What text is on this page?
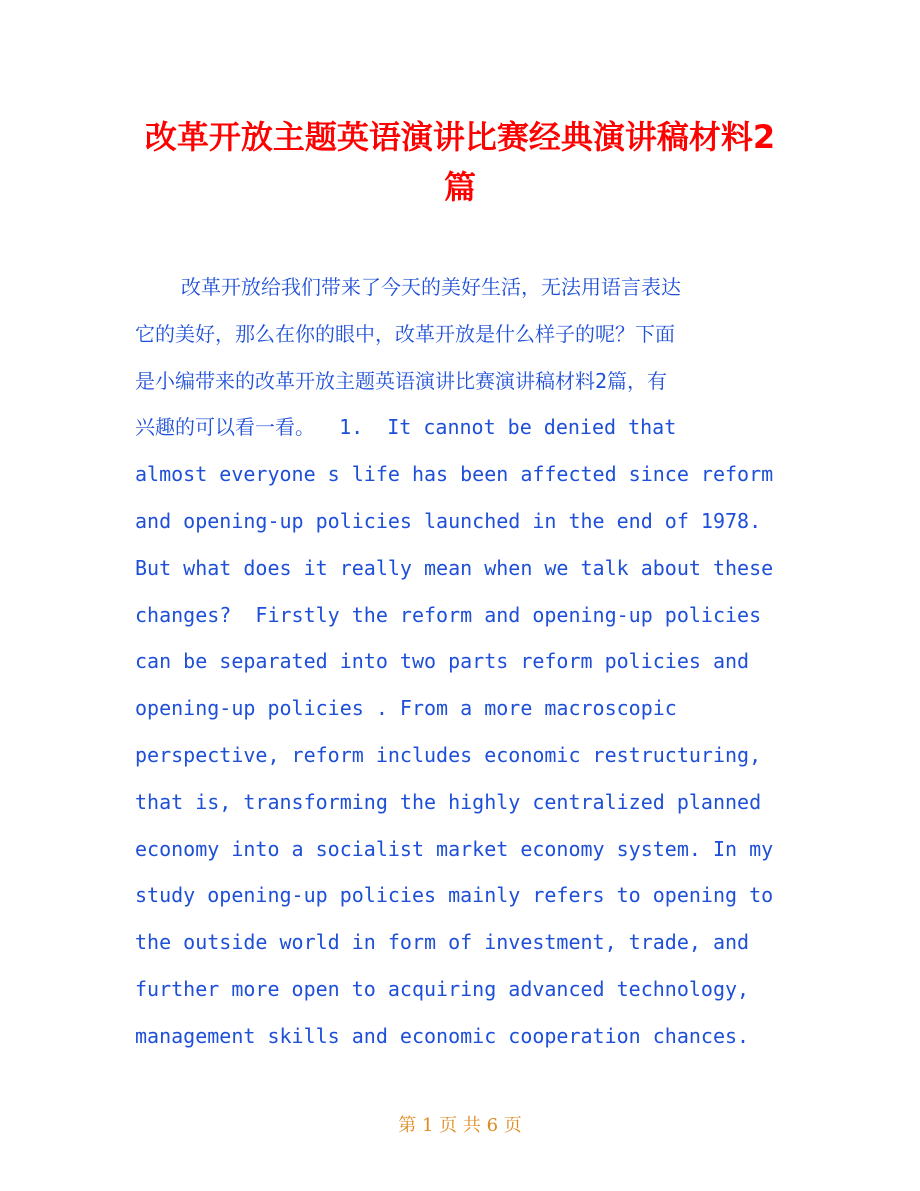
改革开放主题英语演讲比赛经典演讲稿材料2
篇
改革开放给我们带来了今天的美好生活，无法用语言表达
它的美好，那么在你的眼中，改革开放是什么样子的呢？下面
是小编带来的改革开放主题英语演讲比赛演讲稿材料2篇，有
兴趣的可以看一看。  1.  It cannot be denied that
almost everyone s life has been affected since reform
and opening-up policies launched in the end of 1978.
But what does it really mean when we talk about these
changes?  Firstly the reform and opening-up policies
can be separated into two parts reform policies and
opening-up policies . From a more macroscopic
perspective, reform includes economic restructuring,
that is, transforming the highly centralized planned
economy into a socialist market economy system. In my
study opening-up policies mainly refers to opening to
the outside world in form of investment, trade, and
further more open to acquiring advanced technology,
management skills and economic cooperation chances.
第 1 页 共 6 页
